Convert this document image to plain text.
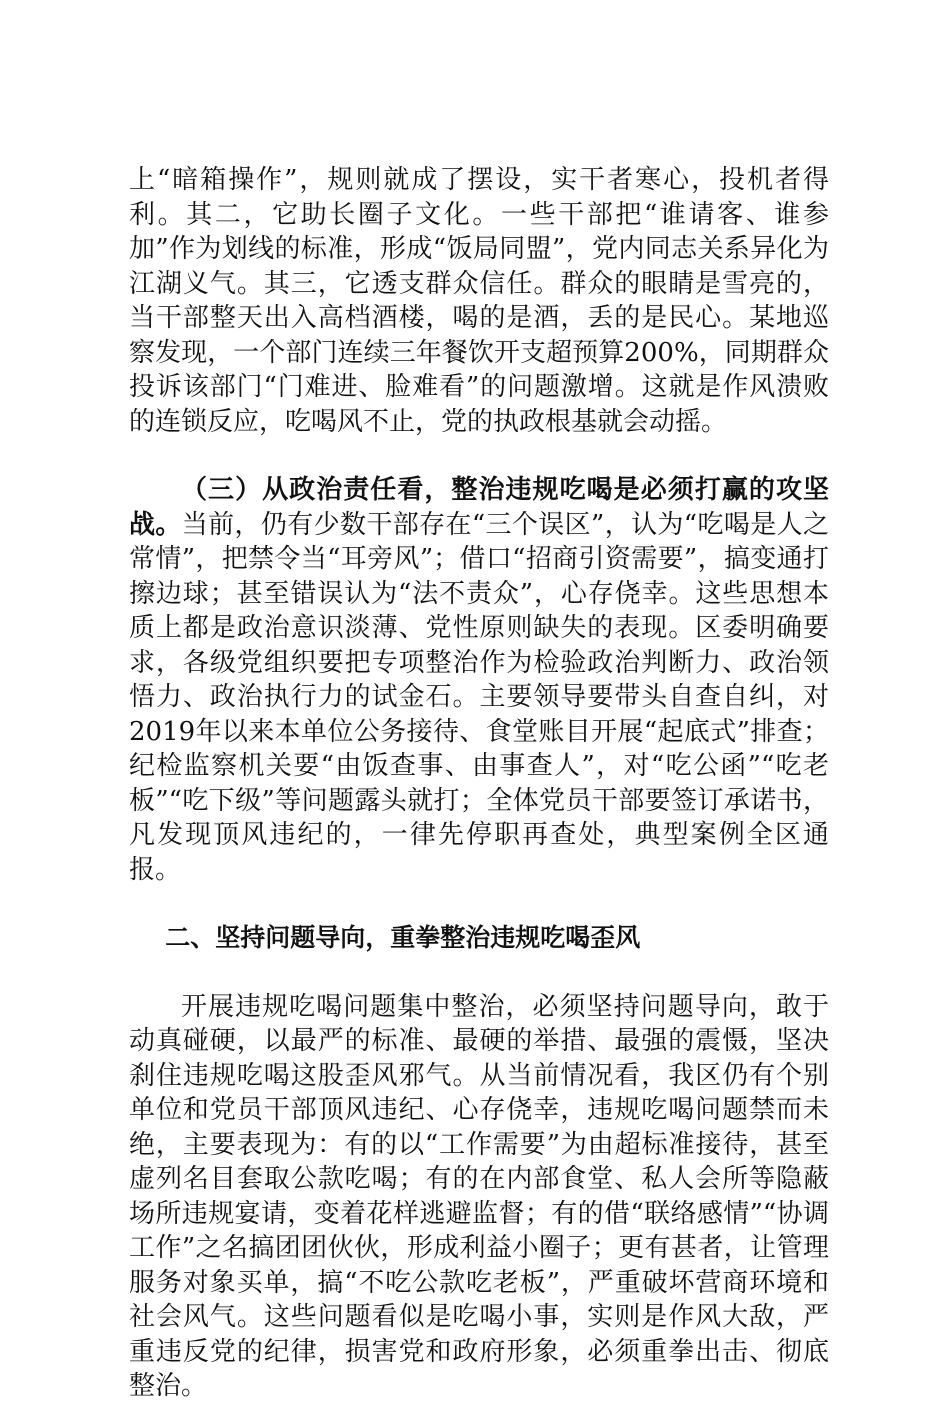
上“暗箱操作”，规则就成了摆设，实干者寒心，投机者得利。其二，它助长圈子文化。一些干部把“谁请客、谁参加”作为划线的标准，形成“饭局同盟”，党内同志关系异化为江湖义气。其三，它透支群众信任。群众的眼睛是雪亮的，当干部整天出入高档酒楼，喝的是酒，丢的是民心。某地巡察发现，一个部门连续三年餐饮开支超预算200%，同期群众投诉该部门“门难进、脸难看”的问题激增。这就是作风溃败的连锁反应，吃喝风不止，党的执政根基就会动摇。

（三）从政治责任看，整治违规吃喝是必须打赢的攻坚战。当前，仍有少数干部存在“三个误区”，认为“吃喝是人之常情”，把禁令当“耳旁风”；借口“招商引资需要”，搞变通打擦边球；甚至错误认为“法不责众”，心存侥幸。这些思想本质上都是政治意识淡薄、党性原则缺失的表现。区委明确要求，各级党组织要把专项整治作为检验政治判断力、政治领悟力、政治执行力的试金石。主要领导要带头自查自纠，对2019年以来本单位公务接待、食堂账目开展“起底式”排查；纪检监察机关要“由饭查事、由事查人”，对“吃公函”“吃老板”“吃下级”等问题露头就打；全体党员干部要签订承诺书，凡发现顶风违纪的，一律先停职再查处，典型案例全区通报。

二、坚持问题导向，重拳整治违规吃喝歪风

开展违规吃喝问题集中整治，必须坚持问题导向，敢于动真碰硬，以最严的标准、最硬的举措、最强的震慑，坚决刹住违规吃喝这股歪风邪气。从当前情况看，我区仍有个别单位和党员干部顶风违纪、心存侥幸，违规吃喝问题禁而未绝，主要表现为：有的以“工作需要”为由超标准接待，甚至虚列名目套取公款吃喝；有的在内部食堂、私人会所等隐蔽场所违规宴请，变着花样逃避监督；有的借“联络感情”“协调工作”之名搞团团伙伙，形成利益小圈子；更有甚者，让管理服务对象买单，搞“不吃公款吃老板”，严重破坏营商环境和社会风气。这些问题看似是吃喝小事，实则是作风大敌，严重违反党的纪律，损害党和政府形象，必须重拳出击、彻底整治。
